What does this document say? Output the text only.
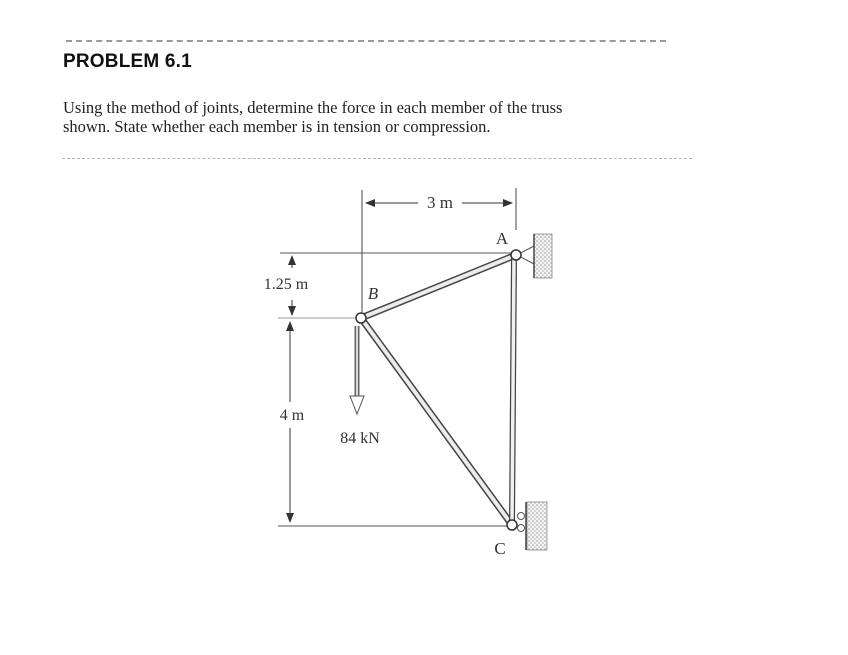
PROBLEM 6.1
Using the method of joints, determine the force in each member of the truss
shown. State whether each member is in tension or compression.
3 m
1.25 m
4 m
A
B
C
84 kN
